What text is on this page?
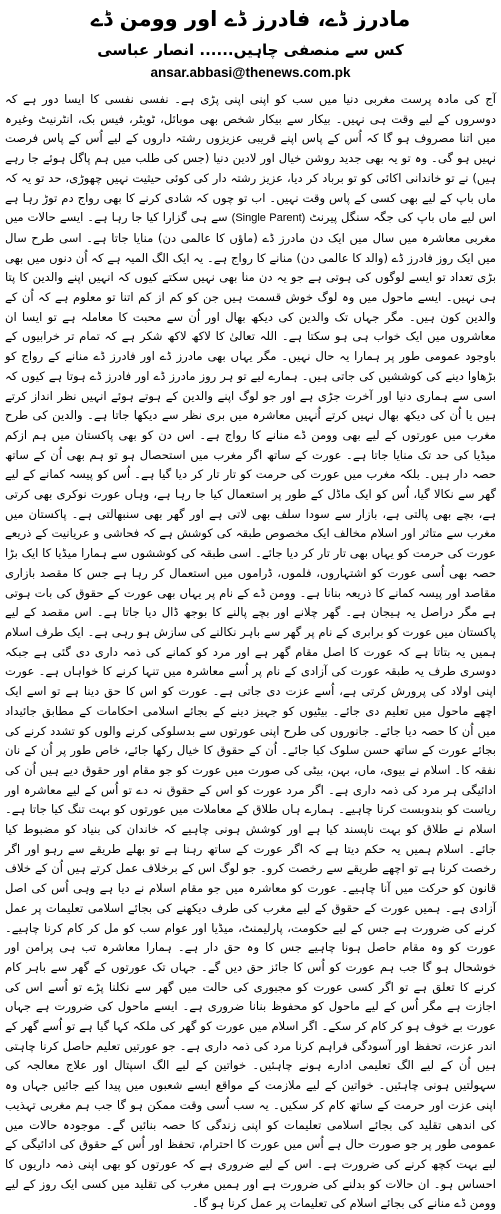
مادرز ڈے، فادرز ڈے اور وومن ڈے
کس سے منصفی چاہیں...... انصار عباسی
ansar.abbasi@thenews.com.pk

آج کی مادہ پرست مغربی دنیا میں سب کو اپنی اپنی پڑی ہے۔ نفسی نفسی کا ایسا دور ہے کہ دوسروں کے لیے وقت ہی نہیں۔ بیکار سے بیکار شخص بھی موبائل، ٹویٹر، فیس بک، انٹرنیٹ وغیرہ میں اتنا مصروف ہو گا کہ اُس کے پاس اپنے قریبی عزیزوں رشتہ داروں کے لیے اُس کے پاس فرصت نہیں ہو گی۔ وہ تو یہ بھی جدید روشن خیال اور لادین دنیا (جس کی طلب میں ہم پاگل ہوئے جا رہے ہیں) نے تو خاندانی اکائی کو تو برباد کر دیا، عزیز رشتہ دار کی کوئی حیثیت نہیں چھوڑی، حد تو یہ کہ ماں باپ کے لیے بھی کسی کے پاس وقت نہیں۔ اب تو چوں کہ شادی کرنے کا بھی رواج دم توڑ رہا ہے اس لیے ماں باپ کی جگہ سنگل پیرنٹ (Single Parent) سے ہی گزارا کیا جا رہا ہے۔ ایسے حالات میں مغربی معاشرہ میں سال میں ایک دن مادرز ڈے (ماؤں کا عالمی دن) منایا جاتا ہے۔ اسی طرح سال میں ایک روز فادرز ڈے (والد کا عالمی دن) منانے کا رواج ہے۔ یہ ایک الگ المیہ ہے کہ اُن دنوں میں بھی بڑی تعداد تو ایسے لوگوں کی ہوتی ہے جو یہ دن منا بھی نہیں سکتے کیوں کہ انہیں اپنے والدین کا پتا ہی نہیں۔ ایسے ماحول میں وہ لوگ خوش قسمت ہیں جن کو کم از کم اتنا تو معلوم ہے کہ اُن کے والدین کون ہیں۔ مگر جہاں تک والدین کی دیکھ بھال اور اُن سے محبت کا معاملہ ہے تو ایسا ان معاشروں میں ایک خواب ہی ہو سکتا ہے۔ اللہ تعالیٰ کا لاکھ لاکھ شکر ہے کہ تمام تر خرابیوں کے باوجود عمومی طور پر ہمارا یہ حال نہیں۔ مگر یہاں بھی مادرز ڈے اور فادرز ڈے منانے کے رواج کو بڑھاوا دینے کی کوششیں کی جاتی ہیں۔ ہمارے لیے تو ہر روز مادرز ڈے اور فادرز ڈے ہوتا ہے کیوں کہ اسی سے ہماری دنیا اور آخرت جڑی ہے اور جو لوگ اپنے والدین کے ہوتے ہوئے انہیں نظر انداز کرتے ہیں یا اُن کی دیکھ بھال نہیں کرتے اُنہیں معاشرہ میں بری نظر سے دیکھا جاتا ہے۔ والدین کی طرح مغرب میں عورتوں کے لیے بھی وومن ڈے منانے کا رواج ہے۔ اس دن کو بھی پاکستان میں ہم ازکم میڈیا کی حد تک منایا جاتا ہے۔ عورت کے ساتھ اگر مغرب میں استحصال ہو تو ہم بھی اُن کے ساتھ حصہ دار ہیں۔ بلکہ مغرب میں عورت کی حرمت کو تار تار کر دیا گیا ہے۔ اُس کو پیسہ کمانے کے لیے گھر سے نکالا گیا، اُس کو ایک ماڈل کے طور پر استعمال کیا جا رہا ہے، وہاں عورت نوکری بھی کرتی ہے، بچے بھی پالتی ہے، بازار سے سودا سلف بھی لاتی ہے اور گھر بھی سنبھالتی ہے۔ پاکستان میں مغرب سے متاثر اور اسلام مخالف ایک مخصوص طبقہ کی کوشش ہے کہ فحاشی و عریانیت کے ذریعے عورت کی حرمت کو یہاں بھی تار تار کر دیا جائے۔ اسی طبقہ کی کوششوں سے ہمارا میڈیا کا ایک بڑا حصہ بھی اُسی عورت کو اشتہاروں، فلموں، ڈراموں میں استعمال کر رہا ہے جس کا مقصد بازاری مقاصد اور پیسہ کمانے کا ذریعہ بنانا ہے۔ وومن ڈے کے نام پر یہاں بھی عورت کے حقوق کی بات ہوتی ہے مگر دراصل یہ ہیجان ہے۔ گھر چلانے اور بچے پالنے کا بوجھ ڈال دیا جاتا ہے۔ اس مقصد کے لیے پاکستان میں عورت کو برابری کے نام پر گھر سے باہر نکالنے کی سازش ہو رہی ہے۔ ایک طرف اسلام ہمیں یہ بتاتا ہے کہ عورت کا اصل مقام گھر ہے اور مرد کو کمانے کی ذمہ داری دی گئی ہے جبکہ دوسری طرف یہ طبقہ عورت کی آزادی کے نام پر اُسے معاشرہ میں تنہا کرنے کا خواہاں ہے۔ عورت اپنی اولاد کی پرورش کرتی ہے، اُسے عزت دی جاتی ہے۔ عورت کو اس کا حق دینا ہے تو اسے ایک اچھے ماحول میں تعلیم دی جائے۔ بیٹیوں کو جہیز دینے کے بجائے اسلامی احکامات کے مطابق جائیداد میں اُن کا حصہ دیا جائے۔ جانوروں کی طرح اپنی عورتوں سے بدسلوکی کرنے والوں کو تشدد کرنے کی بجائے عورت کے ساتھ حسن سلوک کیا جائے۔ اُن کے حقوق کا خیال رکھا جائے، خاص طور پر اُن کے نان نفقہ کا۔ اسلام نے بیوی، ماں، بہن، بیٹی کی صورت میں عورت کو جو مقام اور حقوق دیے ہیں اُن کی ادائیگی ہر مرد کی ذمہ داری ہے۔ اگر مرد عورت کو اس کے حقوق نہ دے تو اُس کے لیے معاشرہ اور ریاست کو بندوبست کرنا چاہیے۔ ہمارے ہاں طلاق کے معاملات میں عورتوں کو بہت تنگ کیا جاتا ہے۔ اسلام نے طلاق کو بہت ناپسند کیا ہے اور کوشش ہونی چاہیے کہ خاندان کی بنیاد کو مضبوط کیا جائے۔ اسلام ہمیں یہ حکم دیتا ہے کہ اگر عورت کے ساتھ رہنا ہے تو بھلے طریقے سے رہو اور اگر رخصت کرنا ہے تو اچھے طریقے سے رخصت کرو۔ جو لوگ اس کے برخلاف عمل کرتے ہیں اُن کے خلاف قانون کو حرکت میں آنا چاہیے۔ عورت کو معاشرہ میں جو مقام اسلام نے دیا ہے وہی اُس کی اصل آزادی ہے۔ ہمیں عورت کے حقوق کے لیے مغرب کی طرف دیکھنے کی بجائے اسلامی تعلیمات پر عمل کرنے کی ضرورت ہے جس کے لیے حکومت، پارلیمنٹ، میڈیا اور عوام سب کو مل کر کام کرنا چاہیے۔ عورت کو وہ مقام حاصل ہونا چاہیے جس کا وہ حق دار ہے۔ ہمارا معاشرہ تب ہی پرامن اور خوشحال ہو گا جب ہم عورت کو اُس کا جائز حق دیں گے۔ جہاں تک عورتوں کے گھر سے باہر کام کرنے کا تعلق ہے تو اگر کسی عورت کو مجبوری کی حالت میں گھر سے نکلنا پڑے تو اُسے اس کی اجازت ہے مگر اُس کے لیے ماحول کو محفوظ بنانا ضروری ہے۔ ایسے ماحول کی ضرورت ہے جہاں عورت بے خوف ہو کر کام کر سکے۔ اگر اسلام میں عورت کو گھر کی ملکہ کہا گیا ہے تو اُسے گھر کے اندر عزت، تحفظ اور آسودگی فراہم کرنا مرد کی ذمہ داری ہے۔ جو عورتیں تعلیم حاصل کرنا چاہتی ہیں اُن کے لیے الگ تعلیمی ادارے ہونے چاہئیں۔ خواتین کے لیے الگ اسپتال اور علاج معالجہ کی سہولتیں ہونی چاہئیں۔ خواتین کے لیے ملازمت کے مواقع ایسے شعبوں میں پیدا کیے جائیں جہاں وہ اپنی عزت اور حرمت کے ساتھ کام کر سکیں۔ یہ سب اُسی وقت ممکن ہو گا جب ہم مغربی تہذیب کی اندھی تقلید کی بجائے اسلامی تعلیمات کو اپنی زندگی کا حصہ بنائیں گے۔ موجودہ حالات میں عمومی طور پر جو صورت حال ہے اُس میں عورت کا احترام، تحفظ اور اُس کے حقوق کی ادائیگی کے لیے بہت کچھ کرنے کی ضرورت ہے۔ اس کے لیے ضروری ہے کہ عورتوں کو بھی اپنی ذمہ داریوں کا احساس ہو۔ ان حالات کو بدلنے کی ضرورت ہے اور ہمیں مغرب کی تقلید میں کسی ایک روز کے لیے وومن ڈے منانے کی بجائے اسلام کی تعلیمات پر عمل کرنا ہو گا۔
